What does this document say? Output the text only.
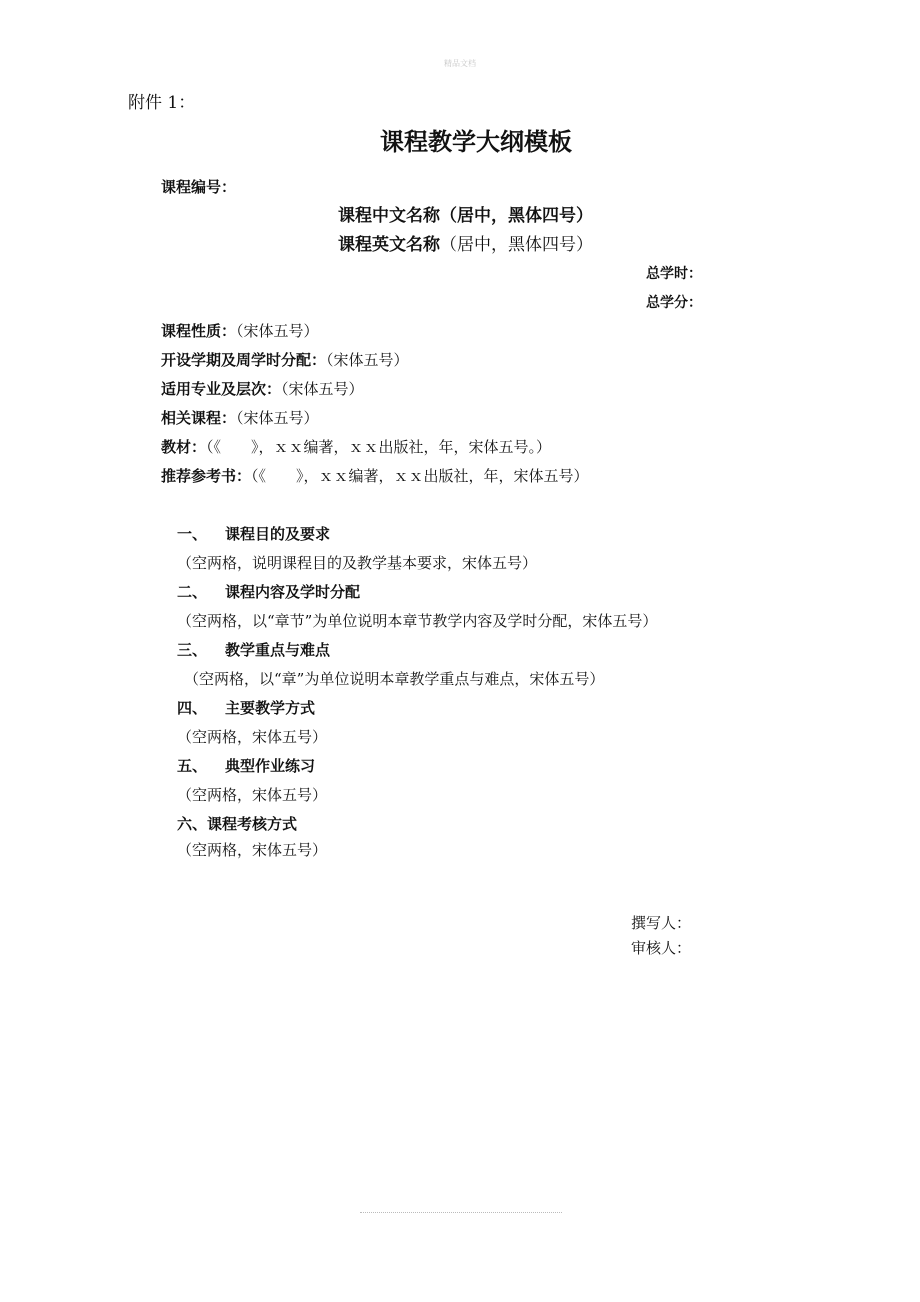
精品文档
附件 1：
课程教学大纲模板
课程编号：
课程中文名称（居中，黑体四号）
课程英文名称（居中，黑体四号）
总学时：
总学分：
课程性质：（宋体五号）
开设学期及周学时分配：（宋体五号）
适用专业及层次：（宋体五号）
相关课程：（宋体五号）
教材：（《　　》，ｘｘ编著，ｘｘ出版社，年，宋体五号。）
推荐参考书：（《　　》，ｘｘ编著，ｘｘ出版社，年，宋体五号）
一、 课程目的及要求
（空两格，说明课程目的及教学基本要求，宋体五号）
二、 课程内容及学时分配
（空两格，以“章节”为单位说明本章节教学内容及学时分配，宋体五号）
三、 教学重点与难点
（空两格，以“章”为单位说明本章教学重点与难点，宋体五号）
四、 主要教学方式
（空两格，宋体五号）
五、 典型作业练习
（空两格，宋体五号）
六、课程考核方式
（空两格，宋体五号）
撰写人：
审核人：
